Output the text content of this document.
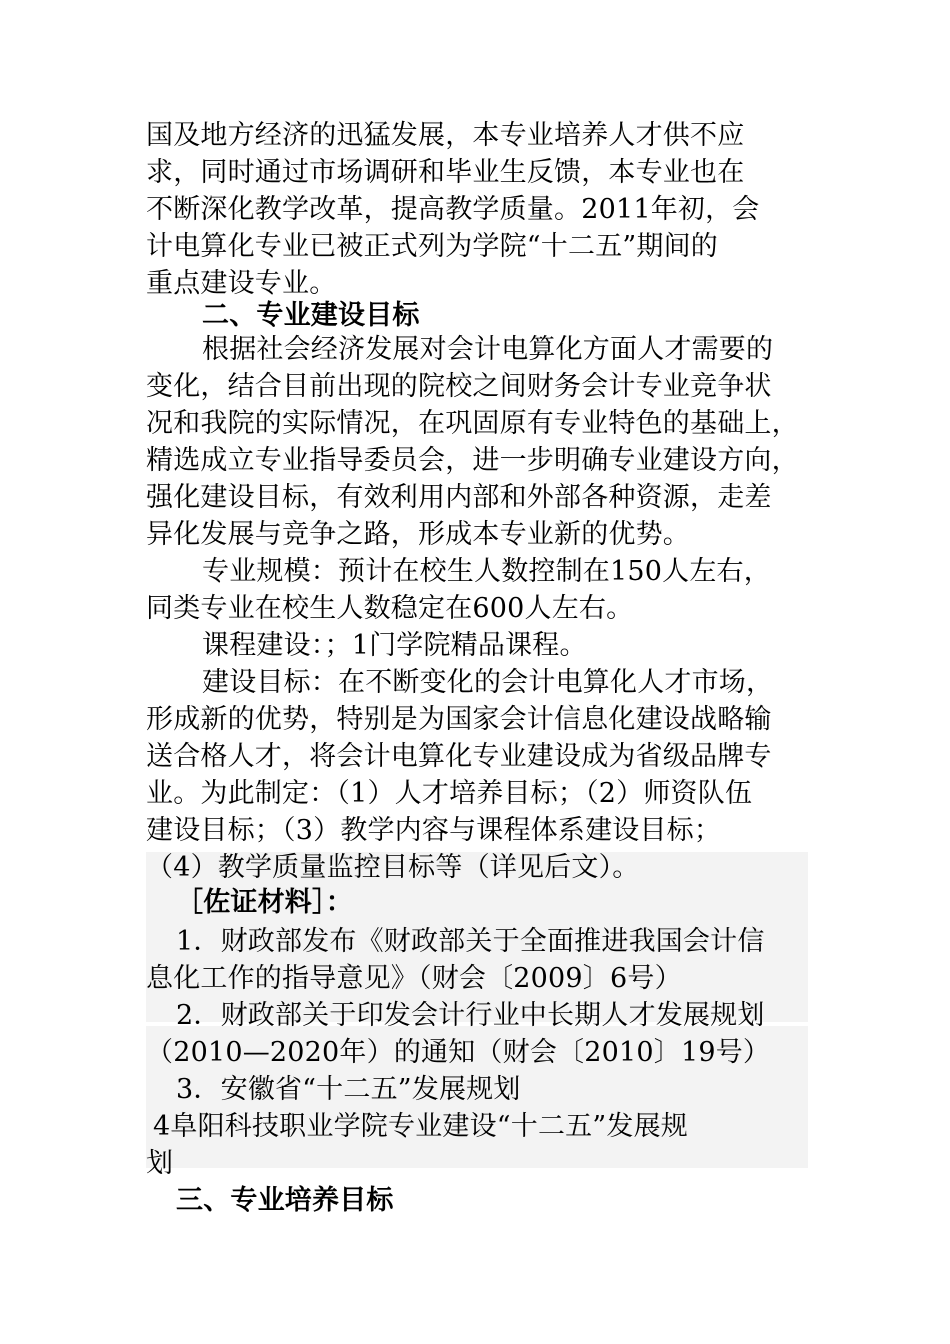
国及地方经济的迅猛发展，本专业培养人才供不应
求，同时通过市场调研和毕业生反馈，本专业也在
不断深化教学改革，提高教学质量。2011年初，会
计电算化专业已被正式列为学院“十二五”期间的
重点建设专业。
二、专业建设目标
根据社会经济发展对会计电算化方面人才需要的
变化，结合目前出现的院校之间财务会计专业竞争状
况和我院的实际情况，在巩固原有专业特色的基础上，
精选成立专业指导委员会，进一步明确专业建设方向，
强化建设目标，有效利用内部和外部各种资源，走差
异化发展与竞争之路，形成本专业新的优势。
专业规模：预计在校生人数控制在150人左右，
同类专业在校生人数稳定在600人左右。
课程建设：；1门学院精品课程。
建设目标：在不断变化的会计电算化人才市场，
形成新的优势，特别是为国家会计信息化建设战略输
送合格人才，将会计电算化专业建设成为省级品牌专
业。为此制定：（1）人才培养目标；（2）师资队伍
建设目标；（3）教学内容与课程体系建设目标；
（4）教学质量监控目标等（详见后文）。
［佐证材料］：
1．财政部发布《财政部关于全面推进我国会计信
息化工作的指导意见》（财会〔2009〕6号）
2．财政部关于印发会计行业中长期人才发展规划
（2010—2020年）的通知（财会〔2010〕19号）
3．安徽省“十二五”发展规划
4阜阳科技职业学院专业建设“十二五”发展规
划
三、专业培养目标
